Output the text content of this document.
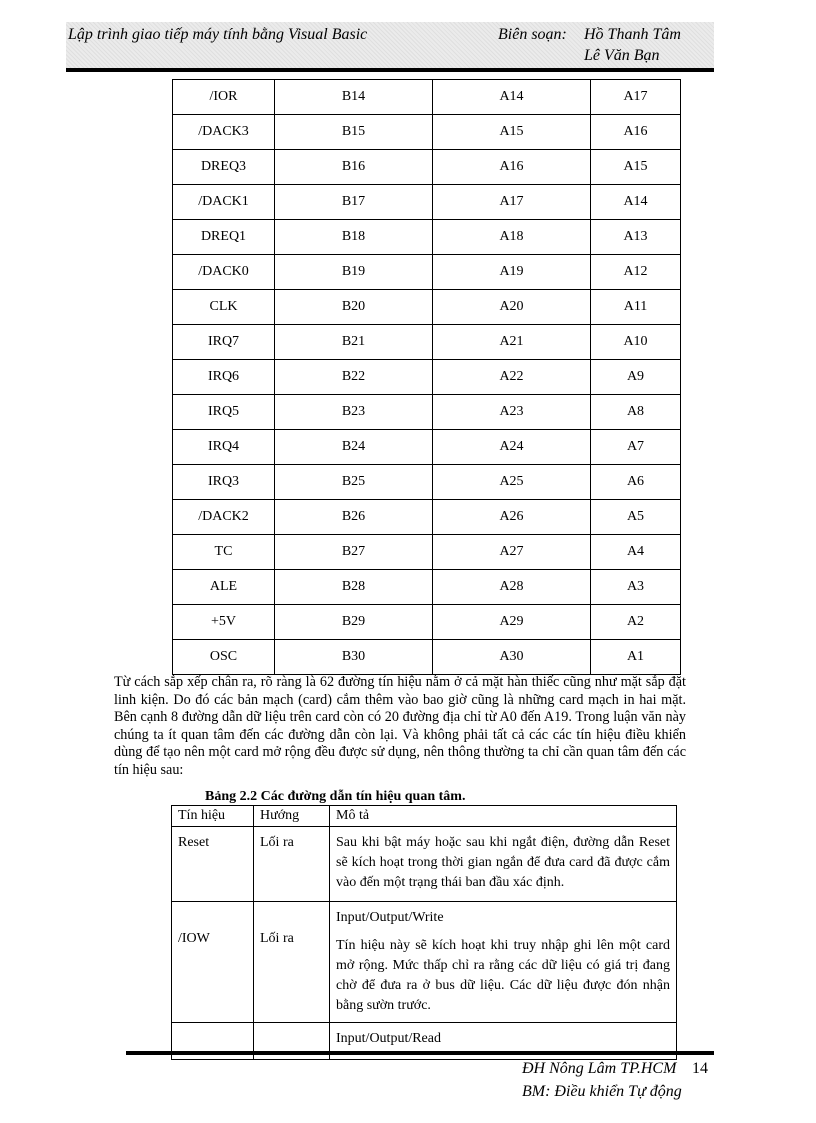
Lập trình giao tiếp máy tính bằng Visual Basic	Biên soạn: Hồ Thanh Tâm
Lê Văn Bạn
/IOR	B14	A14	A17
/DACK3	B15	A15	A16
DREQ3	B16	A16	A15
/DACK1	B17	A17	A14
DREQ1	B18	A18	A13
/DACK0	B19	A19	A12
CLK	B20	A20	A11
IRQ7	B21	A21	A10
IRQ6	B22	A22	A9
IRQ5	B23	A23	A8
IRQ4	B24	A24	A7
IRQ3	B25	A25	A6
/DACK2	B26	A26	A5
TC	B27	A27	A4
ALE	B28	A28	A3
+5V	B29	A29	A2
OSC	B30	A30	A1
Từ cách sắp xếp chân ra, rõ ràng là 62 đường tín hiệu nằm ở cả mặt hàn thiếc cũng như mặt sắp đặt linh kiện. Do đó các bản mạch (card) cắm thêm vào bao giờ cũng là những card mạch in hai mặt. Bên cạnh 8 đường dẫn dữ liệu trên card còn có 20 đường địa chỉ từ A0 đến A19. Trong luận văn này chúng ta ít quan tâm đến các đường dẫn còn lại. Và không phải tất cả các các tín hiệu điều khiển dùng để tạo nên một card mở rộng đều được sử dụng, nên thông thường ta chỉ cần quan tâm đến các tín hiệu sau:
Bảng 2.2 Các đường dẫn tín hiệu quan tâm.
Tín hiệu	Hướng	Mô tả
Reset	Lối ra	Sau khi bật máy hoặc sau khi ngắt điện, đường dẫn Reset sẽ kích hoạt trong thời gian ngắn để đưa card đã được cắm vào đến một trạng thái ban đầu xác định.
/IOW	Lối ra	Input/Output/Write
Tín hiệu này sẽ kích hoạt khi truy nhập ghi lên một card mở rộng. Mức thấp chỉ ra rằng các dữ liệu có giá trị đang chờ để đưa ra ở bus dữ liệu. Các dữ liệu được đón nhận bằng sườn trước.

		Input/Output/Read
ĐH Nông Lâm TP.HCM 14
BM: Điều khiển Tự động
